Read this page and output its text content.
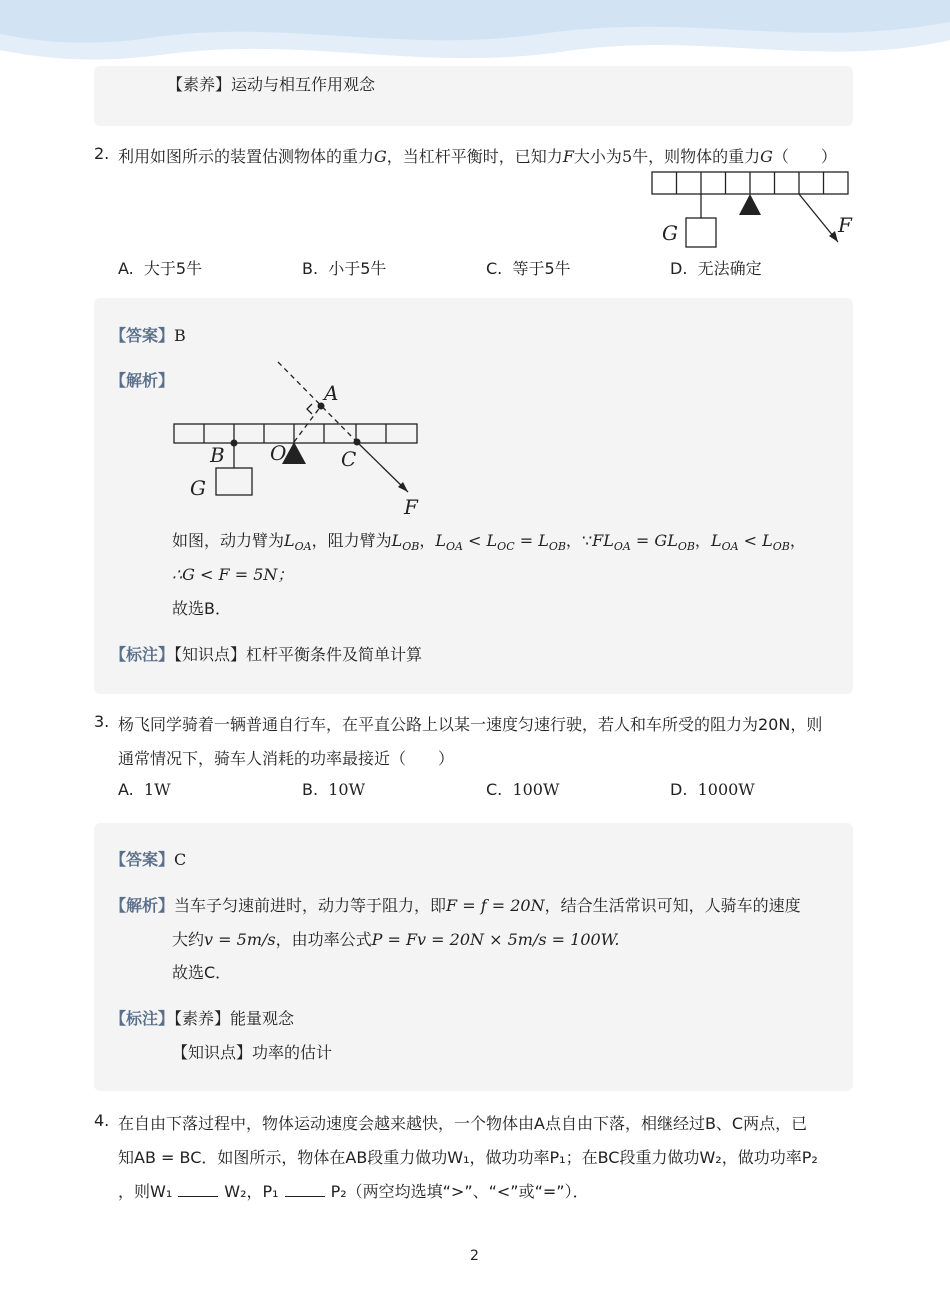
【素养】运动与相互作用观念
2. 利用如图所示的装置估测物体的重力G，当杠杆平衡时，已知力F大小为5牛，则物体的重力G（　　）
G	F
A. 大于5牛	B. 小于5牛	C. 等于5牛	D. 无法确定
【答案】B
【解析】
A
B O	C
G
F
如图，动力臂为$L_{OA}$，阻力臂为$L_{OB}$，$L_{OA} < L_{OC} = L_{OB}$，$\because FL_{OA} = GL_{OB}$，$L_{OA} < L_{OB}$，
∴G < F = 5N；
故选B．
【标注】【知识点】杠杆平衡条件及简单计算
3. 杨飞同学骑着一辆普通自行车，在平直公路上以某一速度匀速行驶，若人和车所受的阻力为20N，则
通常情况下，骑车人消耗的功率最接近（　　）
A. 1W	B. 10W	C. 100W	D. 1000W
【答案】C
【解析】当车子匀速前进时，动力等于阻力，即F = f = 20N，结合生活常识可知，人骑车的速度
大约v = 5m/s，由功率公式P = Fv = 20N × 5m/s = 100W.
故选C．
【标注】【素养】能量观念
【知识点】功率的估计
4. 在自由下落过程中，物体运动速度会越来越快，一个物体由A点自由下落，相继经过B、C两点，已
知AB = BC．如图所示，物体在AB段重力做功W₁，做功功率P₁；在BC段重力做功W₂，做功功率P₂
，则W₁	W₂，P₁	P₂（两空均选填“>”、“<”或“=”）．
2
